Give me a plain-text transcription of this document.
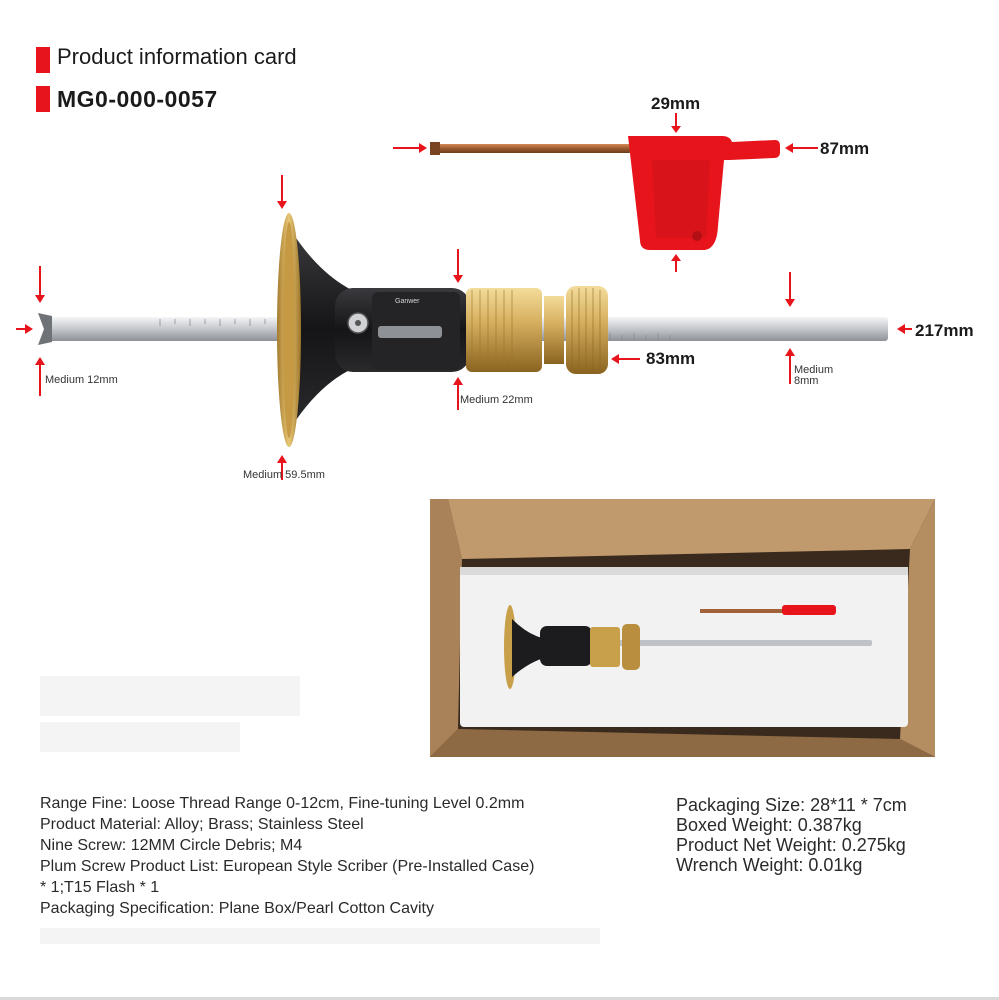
Product information card
MG0-000-0057
Ganwer
29mm
87mm
217mm
83mm
Medium 12mm
Medium 22mm
Medium
8mm
Medium 59.5mm
Range Fine: Loose Thread Range 0-12cm, Fine-tuning Level 0.2mm
Product Material: Alloy; Brass; Stainless Steel
Nine Screw: 12MM Circle Debris; M4
Plum Screw Product List: European Style Scriber (Pre-Installed Case)
* 1;T15 Flash * 1
Packaging Specification: Plane Box/Pearl Cotton Cavity
Packaging Size: 28*11 * 7cm
Boxed Weight: 0.387kg
Product Net Weight: 0.275kg
Wrench Weight: 0.01kg
